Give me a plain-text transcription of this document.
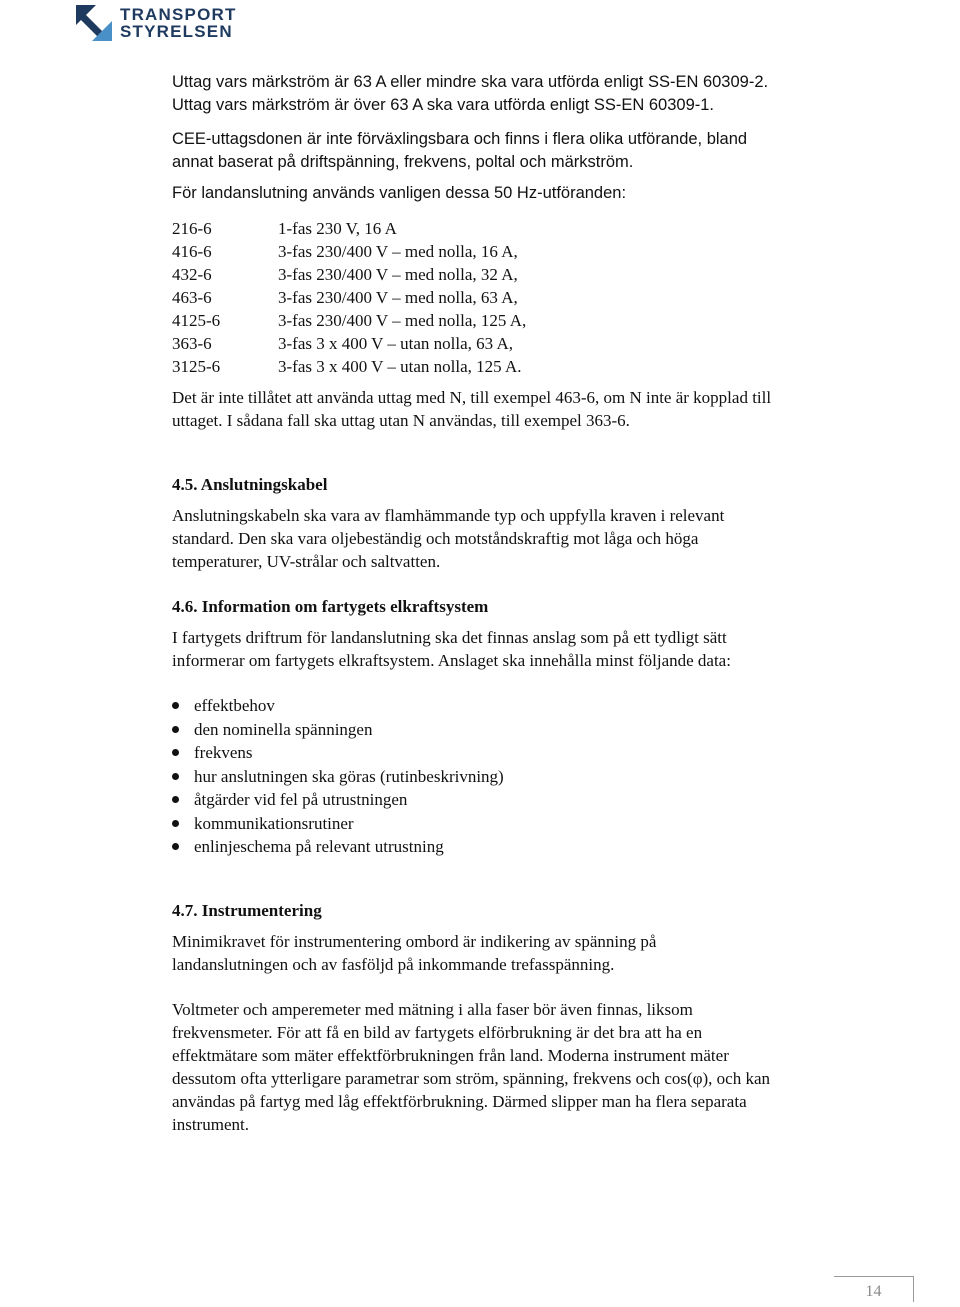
TRANSPORT
STYRELSEN

Uttag vars märkström är 63 A eller mindre ska vara utförda enligt SS-EN 60309-2. Uttag vars märkström är över 63 A ska vara utförda enligt SS-EN 60309-1.

CEE-uttagsdonen är inte förväxlingsbara och finns i flera olika utförande, bland annat baserat på driftspänning, frekvens, poltal och märkström.

För landanslutning används vanligen dessa 50 Hz-utföranden:

216-6	1-fas 230 V, 16 A
416-6	3-fas 230/400 V – med nolla, 16 A,
432-6	3-fas 230/400 V – med nolla, 32 A,
463-6	3-fas 230/400 V – med nolla, 63 A,
4125-6	3-fas 230/400 V – med nolla, 125 A,
363-6	3-fas 3 x 400 V – utan nolla, 63 A,
3125-6	3-fas 3 x 400 V – utan nolla, 125 A.

Det är inte tillåtet att använda uttag med N, till exempel 463-6, om N inte är kopplad till uttaget. I sådana fall ska uttag utan N användas, till exempel 363-6.

4.5. Anslutningskabel

Anslutningskabeln ska vara av flamhämmande typ och uppfylla kraven i relevant standard. Den ska vara oljebeständig och motståndskraftig mot låga och höga temperaturer, UV-strålar och saltvatten.

4.6. Information om fartygets elkraftsystem

I fartygets driftrum för landanslutning ska det finnas anslag som på ett tydligt sätt informerar om fartygets elkraftsystem. Anslaget ska innehålla minst följande data:

effektbehov
den nominella spänningen
frekvens
hur anslutningen ska göras (rutinbeskrivning)
åtgärder vid fel på utrustningen
kommunikationsrutiner
enlinjeschema på relevant utrustning
4.7. Instrumentering

Minimikravet för instrumentering ombord är indikering av spänning på landanslutningen och av fasföljd på inkommande trefasspänning.

Voltmeter och amperemeter med mätning i alla faser bör även finnas, liksom frekvensmeter. För att få en bild av fartygets elförbrukning är det bra att ha en effektmätare som mäter effektförbrukningen från land. Moderna instrument mäter dessutom ofta ytterligare parametrar som ström, spänning, frekvens och cos(φ), och kan användas på fartyg med låg effektförbrukning. Därmed slipper man ha flera separata instrument.

14
